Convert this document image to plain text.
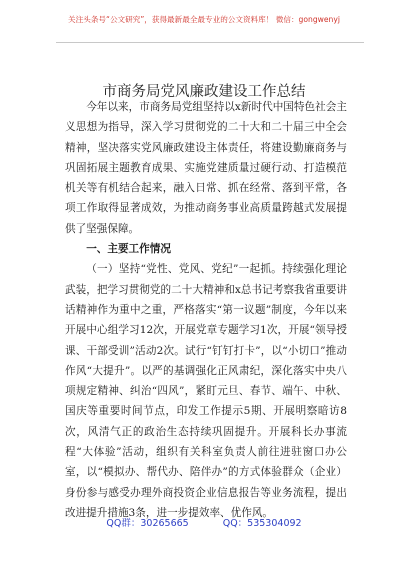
关注头条号“公文研究”，获得最新最全最专业的公文资料库！ 微信：gongwenyj
市商务局党风廉政建设工作总结

今年以来，市商务局党组坚持以x新时代中国特色社会主义思想为指导，深入学习贯彻党的二十大和二十届三中全会精神，坚决落实党风廉政建设主体责任，将建设勤廉商务与巩固拓展主题教育成果、实施党建质量过硬行动、打造模范机关等有机结合起来，融入日常、抓在经常、落到平常，各项工作取得显著成效，为推动商务事业高质量跨越式发展提供了坚强保障。

一、主要工作情况

（一）坚持“党性、党风、党纪”一起抓。持续强化理论武装，把学习贯彻党的二十大精神和x总书记考察我省重要讲话精神作为重中之重，严格落实“第一议题”制度，今年以来开展中心组学习12次，开展党章专题学习1次，开展“领导授课、干部受训”活动2次。试行“钉钉打卡”，以“小切口”推动作风“大提升”。以严的基调强化正风肃纪，深化落实中央八项规定精神、纠治“四风”，紧盯元旦、春节、端午、中秋、国庆等重要时间节点，印发工作提示5期、开展明察暗访8次，风清气正的政治生态持续巩固提升。开展科长办事流程“大体验”活动，组织有关科室负责人前往进驻窗口办公室，以“模拟办、帮代办、陪伴办”的方式体验群众（企业）身份参与感受办理外商投资企业信息报告等业务流程，提出改进提升措施3条，进一步提效率、优作风。

QQ群：30265665	QQ：535304092
